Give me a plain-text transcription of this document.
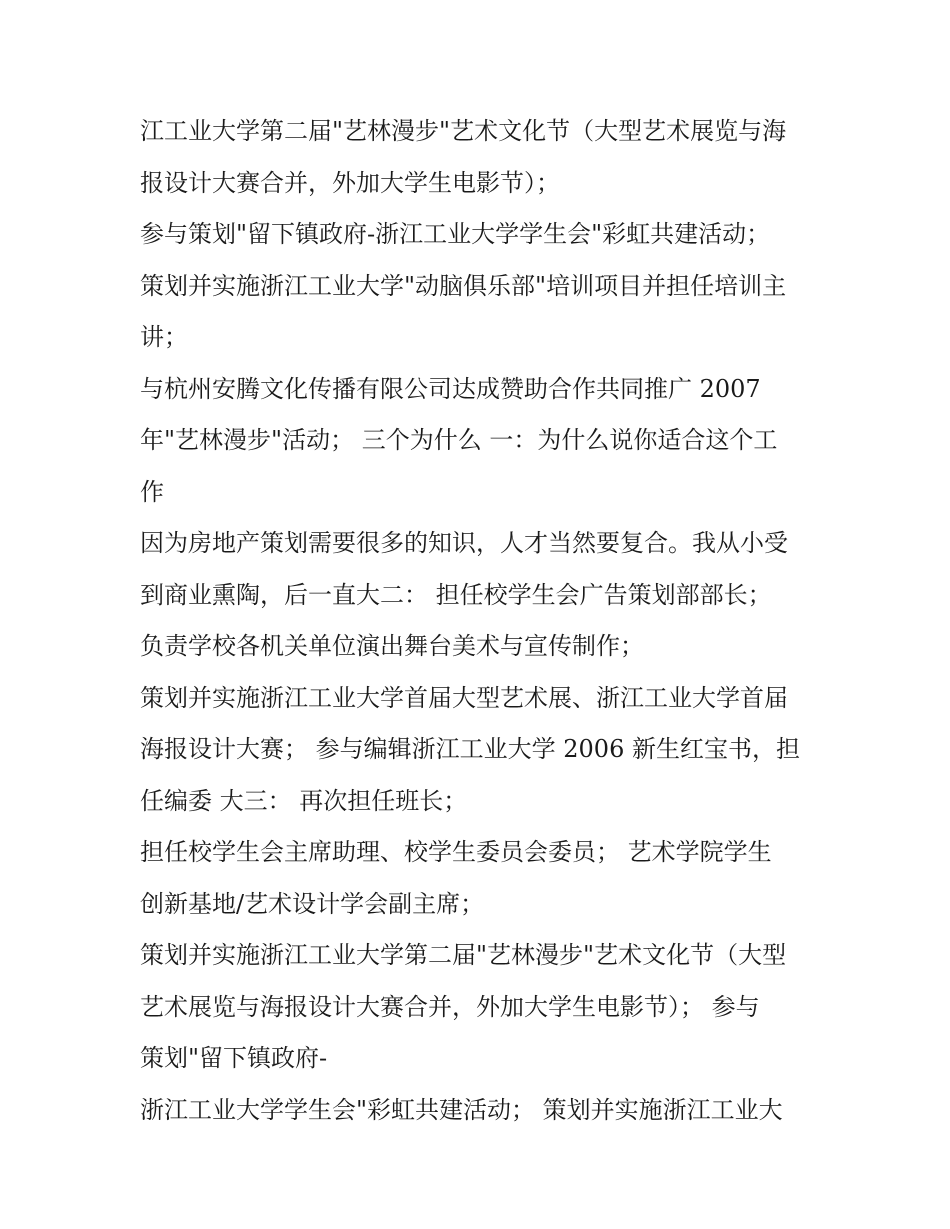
江工业大学第二届"艺林漫步"艺术文化节（大型艺术展览与海
报设计大赛合并，外加大学生电影节）；
参与策划"留下镇政府-浙江工业大学学生会"彩虹共建活动；
策划并实施浙江工业大学"动脑俱乐部"培训项目并担任培训主
讲；
与杭州安腾文化传播有限公司达成赞助合作共同推广 2007
年"艺林漫步"活动； 三个为什么 一：为什么说你适合这个工
作
因为房地产策划需要很多的知识，人才当然要复合。我从小受
到商业熏陶，后一直大二： 担任校学生会广告策划部部长；
负责学校各机关单位演出舞台美术与宣传制作；
策划并实施浙江工业大学首届大型艺术展、浙江工业大学首届
海报设计大赛； 参与编辑浙江工业大学 2006 新生红宝书，担
任编委 大三： 再次担任班长；
担任校学生会主席助理、校学生委员会委员； 艺术学院学生
创新基地/艺术设计学会副主席；
策划并实施浙江工业大学第二届"艺林漫步"艺术文化节（大型
艺术展览与海报设计大赛合并，外加大学生电影节）； 参与
策划"留下镇政府-
浙江工业大学学生会"彩虹共建活动； 策划并实施浙江工业大
